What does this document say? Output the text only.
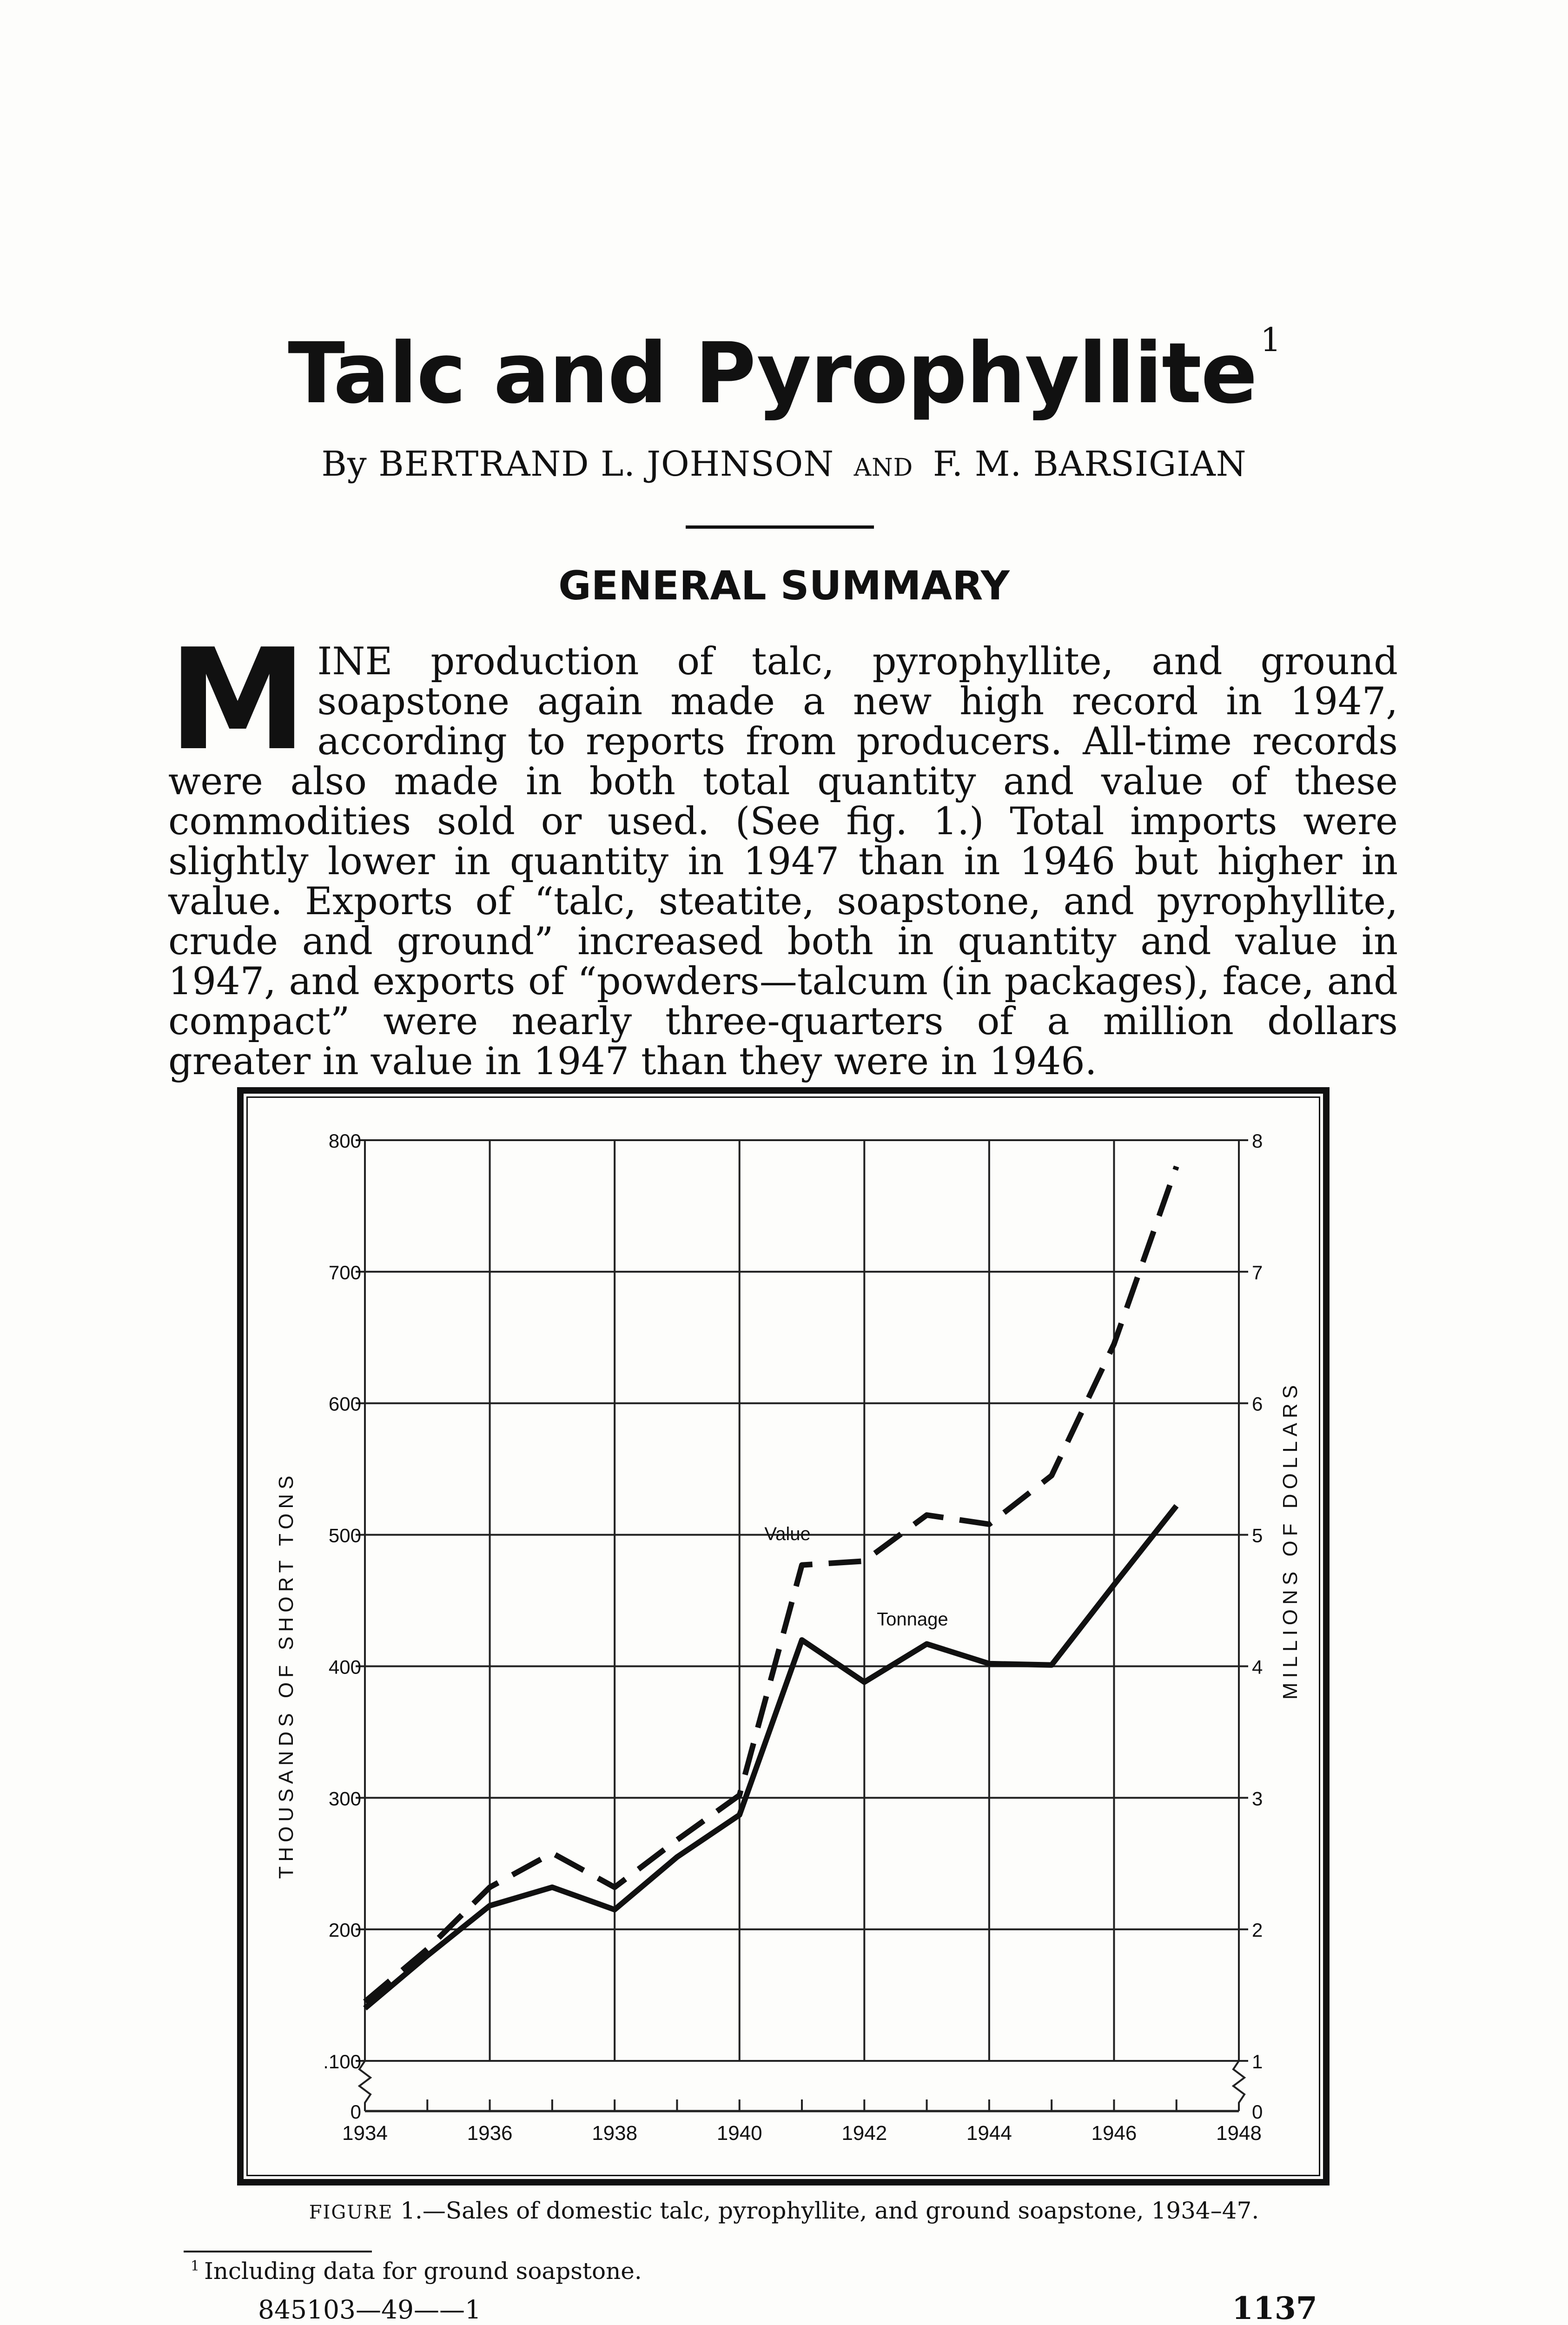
Talc and Pyrophyllite $^1$
By BERTRAND L. JOHNSON AND F. M. BARSIGIAN
GENERAL SUMMARY
MINE production of talc, pyrophyllite, and ground soapstone again made a new high record in 1947, according to reports from producers. All-time records were also made in both total quantity and value of these commodities sold or used. (See fig. 1.) Total imports were slightly lower in quantity in 1947 than in 1946 but higher in value. Exports of “talc, steatite, soapstone, and pyrophyllite, crude and ground” increased both in quantity and value in 1947, and exports of “powders—talcum (in packages), face, and compact” were nearly three-quarters of a million dollars greater in value in 1947 than they were in 1946.
1934	1936	1938	1940	1942	1944	1946	1948
800
700
600
500
400
300
200
.100
0
8
7
6
5
4
3
2
1
0
THOUSANDS OF SHORT TONS	MILLIONS OF DOLLARS
Tonnage
Value
FIGURE 1.—Sales of domestic talc, pyrophyllite, and ground soapstone, 1934–47.
$^1$ Including data for ground soapstone.
845103—49——1	1137
